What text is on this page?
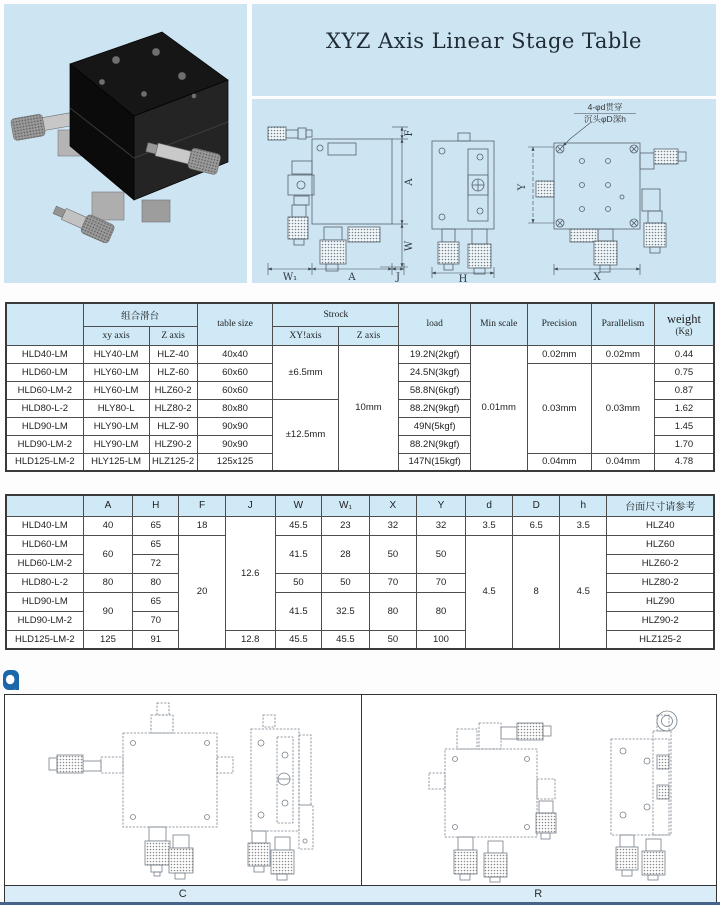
XYZ Axis Linear Stage Table
F
A
W
W₁	A	J	H
Y
X
4-φd贯穿
沉头φD深h
	组合滑台		table size	Strock		load	Min scale	Precision	Parallelism	weight
(Kg)

	xy axis	Z axis		XY!axis	Z axis					
HLD40-LM	HLY40-LM	HLZ-40	40x40	±6.5mm	10mm	19.2N(2kgf)	0.01mm	0.02mm	0.02mm	0.44
HLD60-LM	HLY60-LM	HLZ-60	60x60			24.5N(3kgf)		0.03mm	0.03mm	0.75
HLD60-LM-2	HLY60-LM	HLZ60-2	60x60			58.8N(6kgf)				0.87
HLD80-L-2	HLY80-L	HLZ80-2	80x80	±12.5mm		88.2N(9kgf)				1.62
HLD90-LM	HLY90-LM	HLZ-90	90x90			49N(5kgf)				1.45
HLD90-LM-2	HLY90-LM	HLZ90-2	90x90			88.2N(9kgf)				1.70
HLD125-LM-2	HLY125-LM	HLZ125-2	125x125			147N(15kgf)		0.04mm	0.04mm	4.78
	A	H	F	J	W	W₁	X	Y	d	D	h	台面尺寸请参考
HLD40-LM	40	65	18	12.6	45.5	23	32	32	3.5	6.5	3.5	HLZ40
HLD60-LM	60	65	20		41.5	28	50	50	4.5	8	4.5	HLZ60
HLD60-LM-2		72										HLZ60-2
HLD80-L-2	80	80			50	50	70	70				HLZ80-2
HLD90-LM	90	65			41.5	32.5	80	80				HLZ90
HLD90-LM-2		70										HLZ90-2
HLD125-LM-2	125	91		12.8	45.5	45.5	50	100				HLZ125-2
C	R
